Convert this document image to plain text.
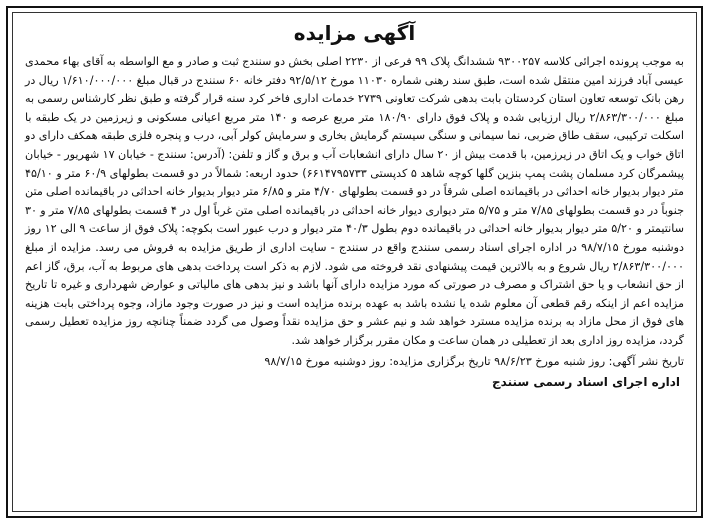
آگهی مزایده

به موجب پرونده اجرائی کلاسه ۹۳۰۰۲۵۷ ششدانگ پلاک ۹۹ فرعی از ۲۲۳۰ اصلی بخش دو سنندج ثبت و صادر و مع الواسطه به آقای بهاء محمدی عیسی آباد فرزند امین منتقل شده است، طبق سند رهنی شماره ۱۱۰۳۰ مورخ ۹۲/۵/۱۲ دفتر خانه ۶۰ سنندج در قبال مبلغ ۱/۶۱۰/۰۰۰/۰۰۰ ریال در رهن بانک توسعه تعاون استان کردستان بابت بدهی شرکت تعاونی ۲۷۳۹ خدمات اداری فاخر کرد سنه قرار گرفته و طبق نظر کارشناس رسمی به مبلغ ۲/۸۶۳/۳۰۰/۰۰۰ ریال ارزیابی شده و پلاک فوق دارای ۱۸۰/۹۰ متر مربع عرصه و ۱۴۰ متر مربع اعیانی مسکونی و زیرزمین در یک طبقه با اسکلت ترکیبی، سقف طاق ضربی، نما سیمانی و سنگی سیستم گرمایش بخاری و سرمایش کولر آبی، درب و پنجره فلزی طبقه همکف دارای دو اتاق خواب و یک اتاق در زیرزمین، با قدمت بیش از ۲۰ سال دارای انشعابات آب و برق و گاز و تلفن: (آدرس: سنندج - خیابان ۱۷ شهریور - خیابان پیشمرگان کرد مسلمان پشت پمپ بنزین گلها کوچه شاهد ۵ کدپستی ۶۶۱۴۷۹۵۷۳۳) حدود اربعه: شمالاً در دو قسمت بطولهای ۶۰/۹ متر و ۴۵/۱۰ متر دیوار بدیوار خانه احداثی در باقیمانده اصلی شرقاً در دو قسمت بطولهای ۴/۷۰ متر و ۶/۸۵ متر دیوار بدیوار خانه احداثی در باقیمانده اصلی متن جنوباً در دو قسمت بطولهای ۷/۸۵ متر و ۵/۷۵ متر دیواری دیوار خانه احداثی در باقیمانده اصلی متن غرباً اول در ۴ قسمت بطولهای ۷/۸۵ متر و ۳۰ سانتیمتر و ۵/۲۰ متر دیوار بدیوار خانه احداثی در باقیمانده دوم بطول ۴۰/۳ متر دیوار و درب عبور است بکوچه: پلاک فوق از ساعت ۹ الی ۱۲ روز دوشنبه مورخ ۹۸/۷/۱۵ در اداره اجرای اسناد رسمی سنندج واقع در سنندج - سایت اداری از طریق مزایده به فروش می رسد. مزایده از مبلغ ۲/۸۶۳/۳۰۰/۰۰۰ ریال شروع و به بالاترین قیمت پیشنهادی نقد فروخته می شود. لازم به ذکر است پرداخت بدهی های مربوط به آب، برق، گاز اعم از حق انشعاب و یا حق اشتراک و مصرف در صورتی که مورد مزایده دارای آنها باشد و نیز بدهی های مالیاتی و عوارض شهرداری و غیره تا تاریخ مزایده اعم از اینکه رقم قطعی آن معلوم شده یا نشده باشد به عهده برنده مزایده است و نیز در صورت وجود مازاد، وجوه پرداختی بابت هزینه های فوق از محل مازاد به برنده مزایده مسترد خواهد شد و نیم عشر و حق مزایده نقداً وصول می گردد ضمناً چنانچه روز مزایده تعطیل رسمی گردد، مزایده روز اداری بعد از تعطیلی در همان ساعت و مکان مقرر برگزار خواهد شد.

تاریخ نشر آگهی: روز شنبه مورخ ۹۸/۶/۲۳ تاریخ برگزاری مزایده: روز دوشنبه مورخ ۹۸/۷/۱۵
اداره اجرای اسناد رسمی سنندج
